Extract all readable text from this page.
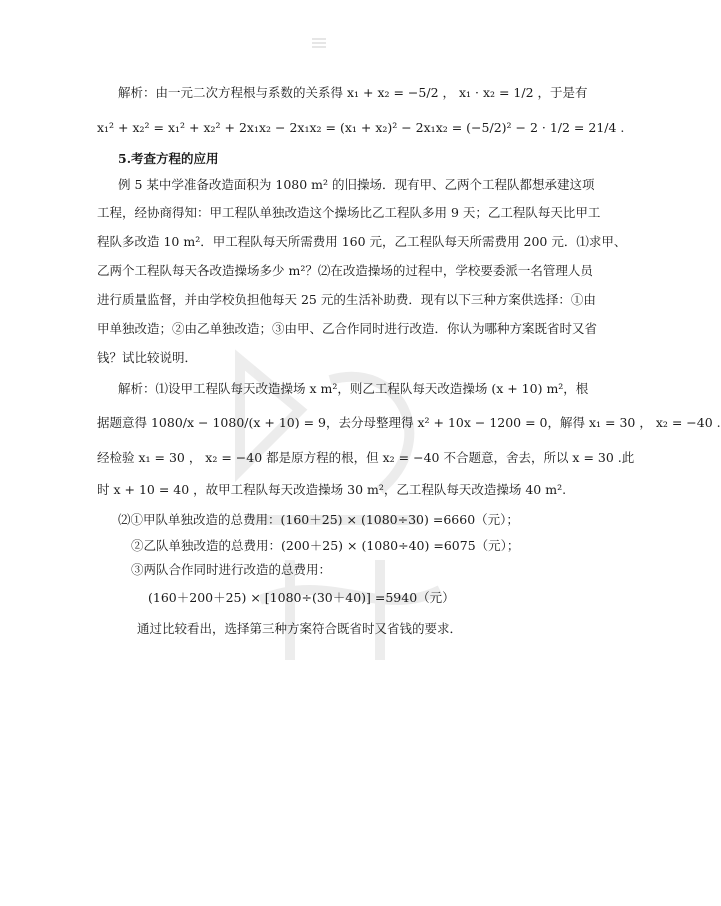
解析：由一元二次方程根与系数的关系得 x₁ + x₂ = −5/2 ， x₁ · x₂ = 1/2 ，于是有
x₁² + x₂² = x₁² + x₂² + 2x₁x₂ − 2x₁x₂ = (x₁ + x₂)² − 2x₁x₂ = (−5/2)² − 2 · 1/2 = 21/4 .
5.考查方程的应用
例 5 某中学准备改造面积为 1080 m² 的旧操场．现有甲、乙两个工程队都想承建这项
工程，经协商得知：甲工程队单独改造这个操场比乙工程队多用 9 天；乙工程队每天比甲工
程队多改造 10 m²．甲工程队每天所需费用 160 元，乙工程队每天所需费用 200 元．⑴求甲、
乙两个工程队每天各改造操场多少 m²？⑵在改造操场的过程中，学校要委派一名管理人员
进行质量监督，并由学校负担他每天 25 元的生活补助费．现有以下三种方案供选择：①由
甲单独改造；②由乙单独改造；③由甲、乙合作同时进行改造．你认为哪种方案既省时又省
钱？试比较说明．
解析：⑴设甲工程队每天改造操场 x m²，则乙工程队每天改造操场 (x + 10) m²，根
据题意得 1080/x − 1080/(x + 10) = 9，去分母整理得 x² + 10x − 1200 = 0，解得 x₁ = 30 ， x₂ = −40 .
经检验 x₁ = 30 ， x₂ = −40 都是原方程的根，但 x₂ = −40 不合题意，舍去，所以 x = 30 .此
时 x + 10 = 40 ，故甲工程队每天改造操场 30 m²，乙工程队每天改造操场 40 m².
⑵①甲队单独改造的总费用：(160＋25) × (1080÷30) =6660（元）；
②乙队单独改造的总费用：(200＋25) × (1080÷40) =6075（元）；
③两队合作同时进行改造的总费用：
(160＋200＋25) × [1080÷(30＋40)] =5940（元）
通过比较看出，选择第三种方案符合既省时又省钱的要求．
